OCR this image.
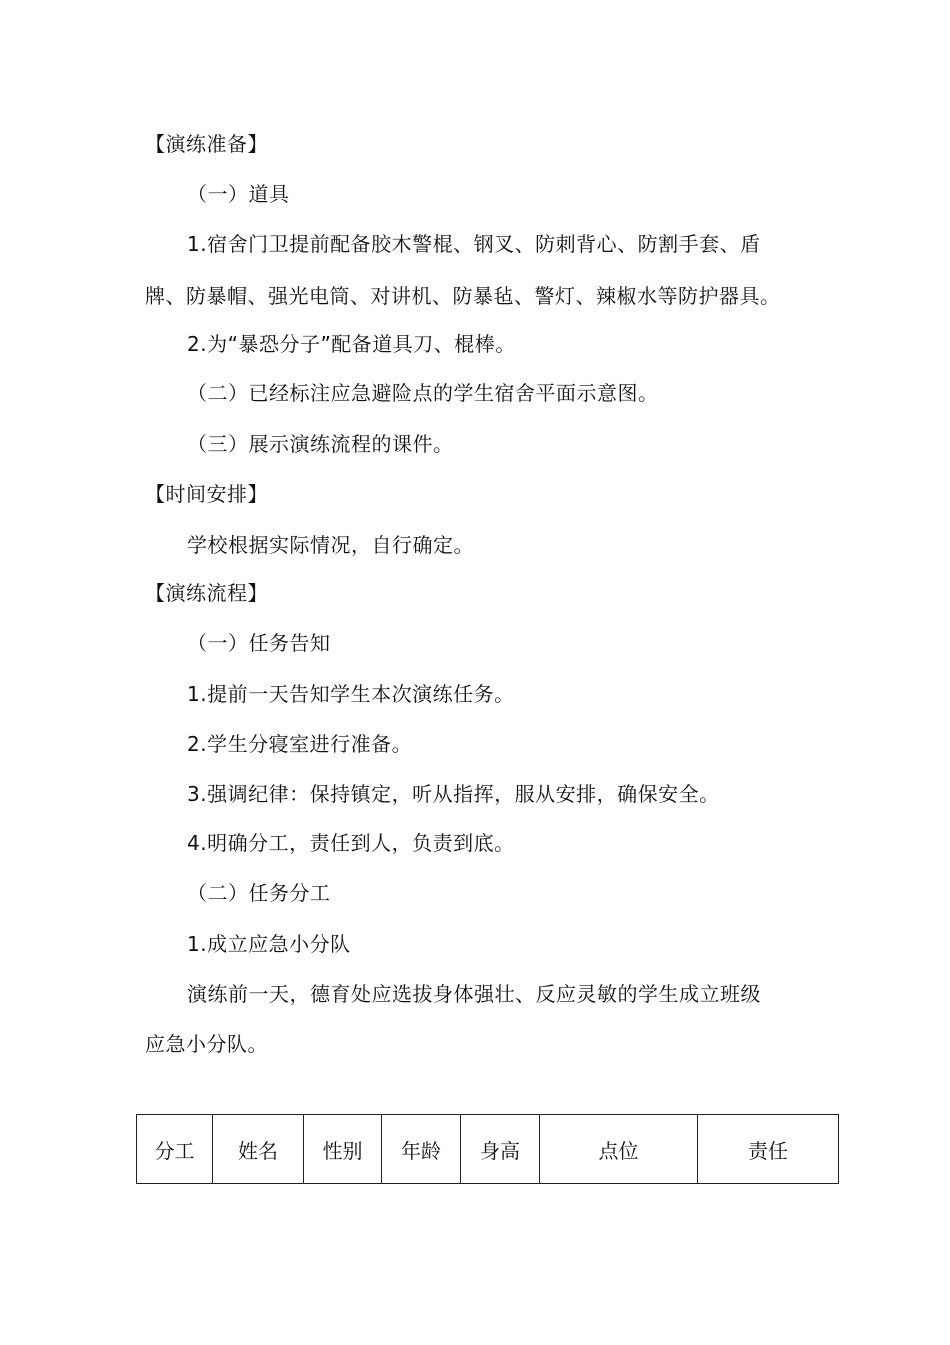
【演练准备】
（一）道具
1.宿舍门卫提前配备胶木警棍、钢叉、防刺背心、防割手套、盾
牌、防暴帽、强光电筒、对讲机、防暴毡、警灯、辣椒水等防护器具。
2.为“暴恐分子”配备道具刀、棍棒。
（二）已经标注应急避险点的学生宿舍平面示意图。
（三）展示演练流程的课件。
【时间安排】
学校根据实际情况，自行确定。
【演练流程】
（一）任务告知
1.提前一天告知学生本次演练任务。
2.学生分寝室进行准备。
3.强调纪律：保持镇定，听从指挥，服从安排，确保安全。
4.明确分工，责任到人，负责到底。
（二）任务分工
1.成立应急小分队
演练前一天，德育处应选拔身体强壮、反应灵敏的学生成立班级
应急小分队。
分工	姓名	性别	年龄	身高	点位	责任
